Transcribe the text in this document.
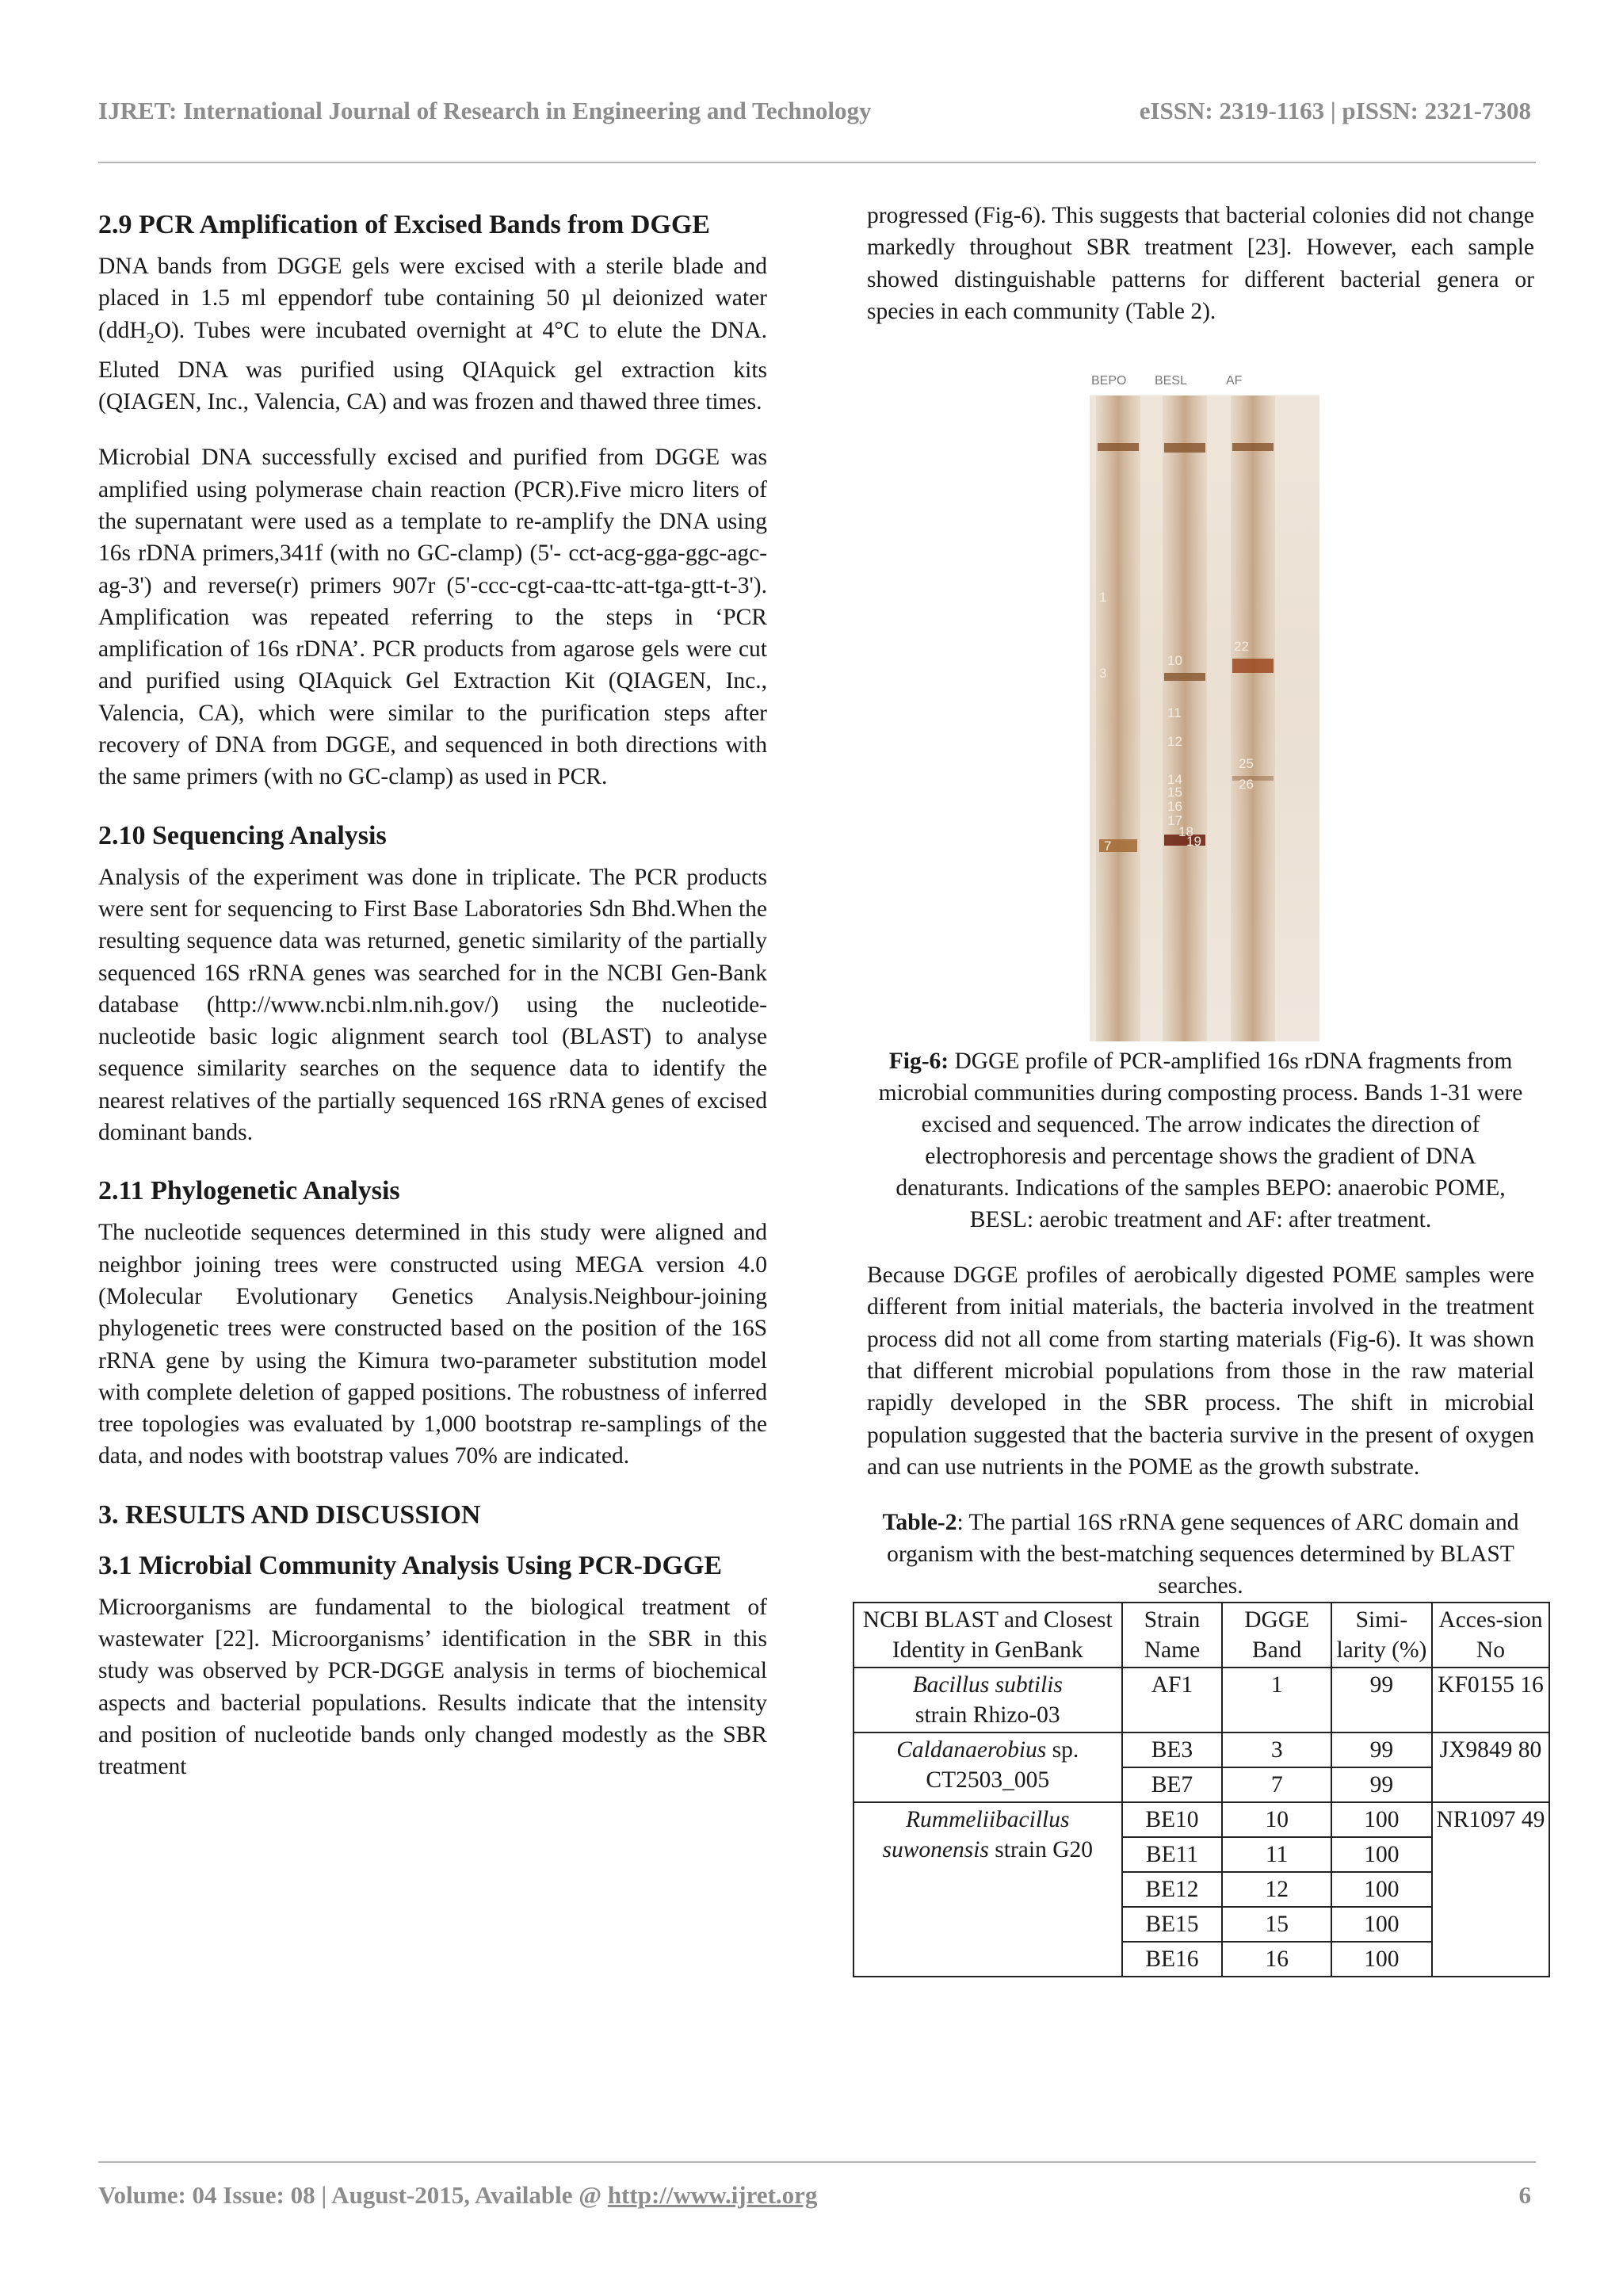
IJRET: International Journal of Research in Engineering and Technology	eISSN: 2319-1163 | pISSN: 2321-7308
2.9 PCR Amplification of Excised Bands from DGGE

DNA bands from DGGE gels were excised with a sterile blade and placed in 1.5 ml eppendorf tube containing 50 µl deionized water (ddH$_2$O). Tubes were incubated overnight at 4°C to elute the DNA. Eluted DNA was purified using QIAquick gel extraction kits (QIAGEN, Inc., Valencia, CA) and was frozen and thawed three times.

Microbial DNA successfully excised and purified from DGGE was amplified using polymerase chain reaction (PCR).Five micro liters of the supernatant were used as a template to re-amplify the DNA using 16s rDNA primers,341f (with no GC-clamp) (5'- cct-acg-gga-ggc-agc-ag-3') and reverse(r) primers 907r (5'-ccc-cgt-caa-ttc-att-tga-gtt-t-3'). Amplification was repeated referring to the steps in ‘PCR amplification of 16s rDNA’. PCR products from agarose gels were cut and purified using QIAquick Gel Extraction Kit (QIAGEN, Inc., Valencia, CA), which were similar to the purification steps after recovery of DNA from DGGE, and sequenced in both directions with the same primers (with no GC-clamp) as used in PCR.

2.10 Sequencing Analysis

Analysis of the experiment was done in triplicate. The PCR products were sent for sequencing to First Base Laboratories Sdn Bhd.When the resulting sequence data was returned, genetic similarity of the partially sequenced 16S rRNA genes was searched for in the NCBI Gen-Bank database (http://www.ncbi.nlm.nih.gov/) using the nucleotide-nucleotide basic logic alignment search tool (BLAST) to analyse sequence similarity searches on the sequence data to identify the nearest relatives of the partially sequenced 16S rRNA genes of excised dominant bands.

2.11 Phylogenetic Analysis

The nucleotide sequences determined in this study were aligned and neighbor joining trees were constructed using MEGA version 4.0 (Molecular Evolutionary Genetics Analysis.Neighbour-joining phylogenetic trees were constructed based on the position of the 16S rRNA gene by using the Kimura two-parameter substitution model with complete deletion of gapped positions. The robustness of inferred tree topologies was evaluated by 1,000 bootstrap re-samplings of the data, and nodes with bootstrap values 70% are indicated.

3. RESULTS AND DISCUSSION
3.1 Microbial Community Analysis Using PCR-DGGE

Microorganisms are fundamental to the biological treatment of wastewater [22]. Microorganisms’ identification in the SBR in this study was observed by PCR-DGGE analysis in terms of biochemical aspects and bacterial populations. Results indicate that the intensity and position of nucleotide bands only changed modestly as the SBR treatment

progressed (Fig-6). This suggests that bacterial colonies did not change markedly throughout SBR treatment [23]. However, each sample showed distinguishable patterns for different bacterial genera or species in each community (Table 2).

BEPO BESL	AF
1
3
7
10
11
12
14
15
16
17
18
19
22
25
26

Fig-6: DGGE profile of PCR-amplified 16s rDNA fragments from microbial communities during composting process. Bands 1-31 were excised and sequenced. The arrow indicates the direction of electrophoresis and percentage shows the gradient of DNA denaturants. Indications of the samples BEPO: anaerobic POME, BESL: aerobic treatment and AF: after treatment.

Because DGGE profiles of aerobically digested POME samples were different from initial materials, the bacteria involved in the treatment process did not all come from starting materials (Fig-6). It was shown that different microbial populations from those in the raw material rapidly developed in the SBR process. The shift in microbial population suggested that the bacteria survive in the present of oxygen and can use nutrients in the POME as the growth substrate.

Table-2: The partial 16S rRNA gene sequences of ARC domain and organism with the best-matching sequences determined by BLAST searches.

NCBI BLAST and Closest Identity in GenBank	Strain Name	DGGE Band	Simi-larity (%)	Acces-sion No
Bacillus subtilis
strain Rhizo-03	AF1	1	99	KF0155 16
Caldanaerobius sp. CT2503_005	BE3	3	99	JX9849 80
	BE7	7	99	
Rummeliibacillus suwonensis strain G20	BE10	10	100	NR1097 49
	BE11	11	100	
	BE12	12	100	
	BE15	15	100	
	BE16	16	100	
Volume: 04 Issue: 08 | August-2015, Available @ http://www.ijret.org	6
